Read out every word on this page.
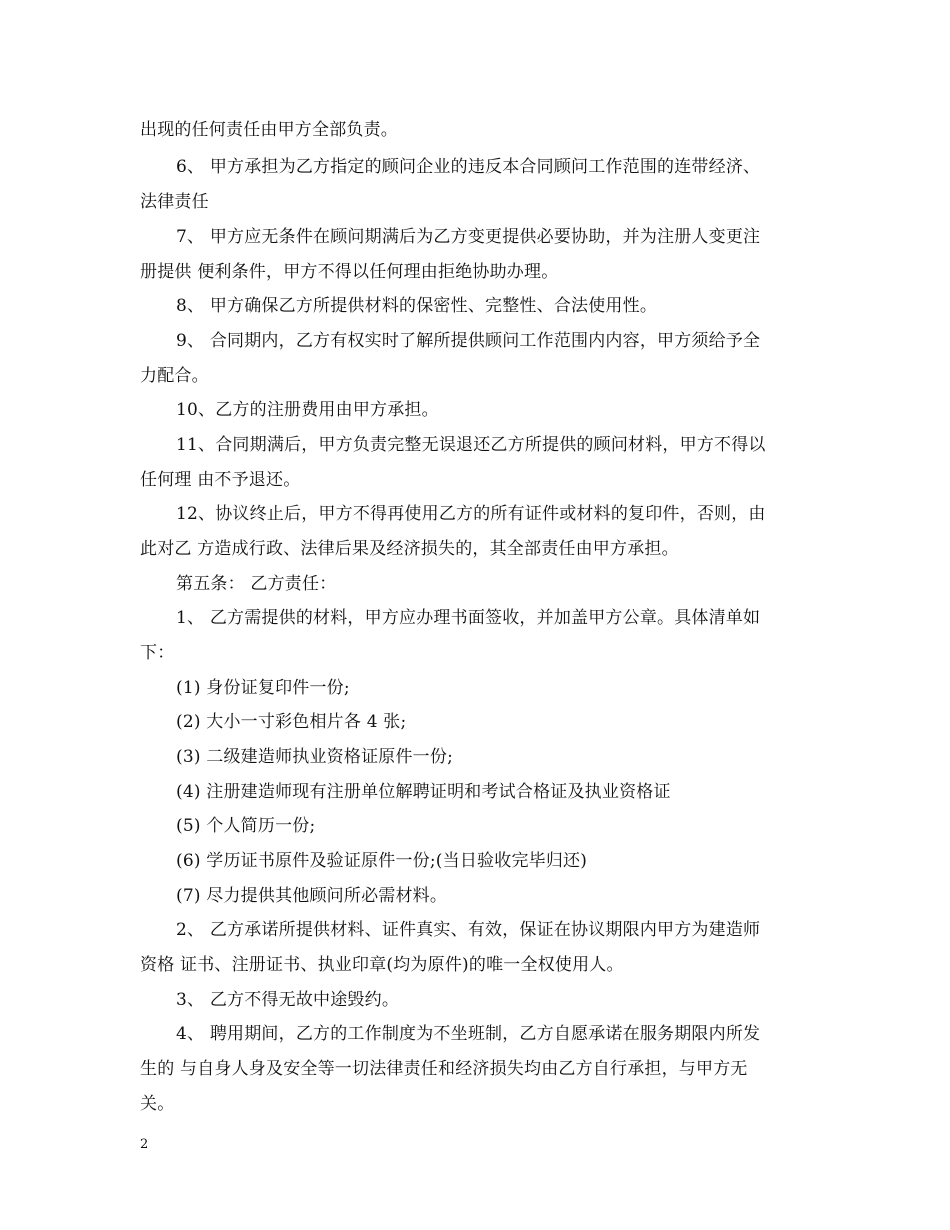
出现的任何责任由甲方全部负责。
6、 甲方承担为乙方指定的顾问企业的违反本合同顾问工作范围的连带经济、
法律责任
7、 甲方应无条件在顾问期满后为乙方变更提供必要协助，并为注册人变更注
册提供 便利条件，甲方不得以任何理由拒绝协助办理。
8、 甲方确保乙方所提供材料的保密性、完整性、合法使用性。
9、 合同期内，乙方有权实时了解所提供顾问工作范围内内容，甲方须给予全
力配合。
10、乙方的注册费用由甲方承担。
11、合同期满后，甲方负责完整无误退还乙方所提供的顾问材料，甲方不得以
任何理 由不予退还。
12、协议终止后，甲方不得再使用乙方的所有证件或材料的复印件，否则，由
此对乙 方造成行政、法律后果及经济损失的，其全部责任由甲方承担。
第五条： 乙方责任：
1、 乙方需提供的材料，甲方应办理书面签收，并加盖甲方公章。具体清单如
下：
(1) 身份证复印件一份;
(2) 大小一寸彩色相片各 4 张;
(3) 二级建造师执业资格证原件一份;
(4) 注册建造师现有注册单位解聘证明和考试合格证及执业资格证
(5) 个人简历一份;
(6) 学历证书原件及验证原件一份;(当日验收完毕归还)
(7) 尽力提供其他顾问所必需材料。
2、 乙方承诺所提供材料、证件真实、有效，保证在协议期限内甲方为建造师
资格 证书、注册证书、执业印章(均为原件)的唯一全权使用人。
3、 乙方不得无故中途毁约。
4、 聘用期间，乙方的工作制度为不坐班制，乙方自愿承诺在服务期限内所发
生的 与自身人身及安全等一切法律责任和经济损失均由乙方自行承担，与甲方无
关。
2
